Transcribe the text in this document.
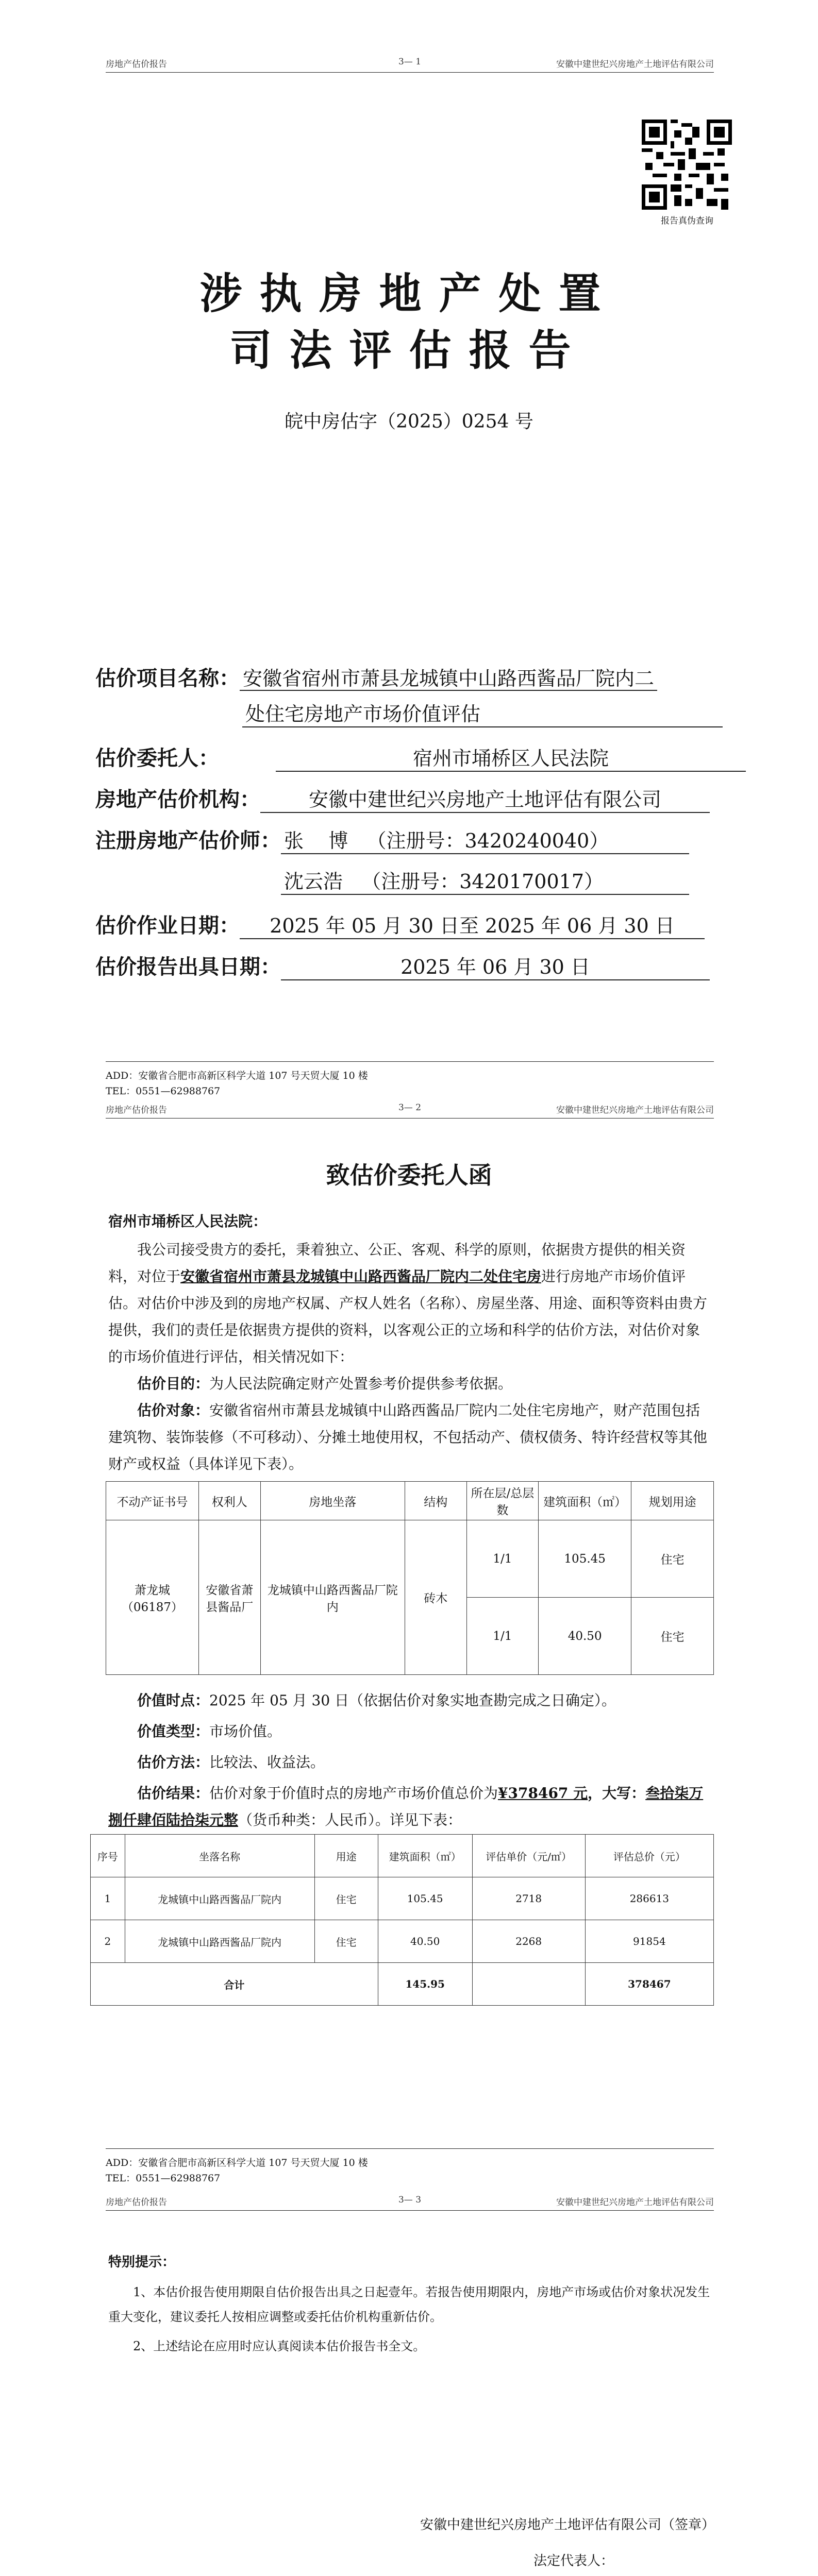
房地产估价报告	3— 1	安徽中建世纪兴房地产土地评估有限公司
报告真伪查询
涉执房地产处置
司法评估报告
皖中房估字（2025）0254 号
估价项目名称： 安徽省宿州市萧县龙城镇中山路西酱品厂院内二
处住宅房地产市场价值评估
估价委托人：	宿州市埇桥区人民法院
房地产估价机构： 安徽中建世纪兴房地产土地评估有限公司
注册房地产估价师： 张    博   （注册号：3420240040）
沈云浩   （注册号：3420170017）
估价作业日期： 2025 年 05 月 30 日至 2025 年 06 月 30 日
估价报告出具日期：	2025 年 06 月 30 日
ADD：安徽省合肥市高新区科学大道 107 号天贸大厦 10 楼
TEL：0551—62988767
房地产估价报告	3— 2	安徽中建世纪兴房地产土地评估有限公司
致估价委托人函
宿州市埇桥区人民法院：
我公司接受贵方的委托，秉着独立、公正、客观、科学的原则，依据贵方提供的相关资料，对位于安徽省宿州市萧县龙城镇中山路西酱品厂院内二处住宅房进行房地产市场价值评估。对估价中涉及到的房地产权属、产权人姓名（名称）、房屋坐落、用途、面积等资料由贵方提供，我们的责任是依据贵方提供的资料，以客观公正的立场和科学的估价方法，对估价对象的市场价值进行评估，相关情况如下：
估价目的：为人民法院确定财产处置参考价提供参考依据。
估价对象：安徽省宿州市萧县龙城镇中山路西酱品厂院内二处住宅房地产，财产范围包括建筑物、装饰装修（不可移动）、分摊土地使用权，不包括动产、债权债务、特许经营权等其他财产或权益（具体详见下表）。
不动产证书号	权利人	房地坐落	结构	所在层/总层数	建筑面积（㎡）	规划用途
萧龙城（06187）	安徽省萧县酱品厂	龙城镇中山路西酱品厂院内	砖木	1/1	105.45	住宅
				1/1	40.50	住宅
价值时点：2025 年 05 月 30 日（依据估价对象实地查勘完成之日确定）。
价值类型：市场价值。
估价方法：比较法、收益法。
估价结果：估价对象于价值时点的房地产市场价值总价为¥378467 元，大写：叁拾柒万捌仟肆佰陆拾柒元整（货币种类：人民币）。详见下表：
序号	坐落名称	用途	建筑面积（㎡）	评估单价（元/㎡）	评估总价（元）
1	龙城镇中山路西酱品厂院内	住宅	105.45	2718	286613
2	龙城镇中山路西酱品厂院内	住宅	40.50	2268	91854
合计			145.95		378467
ADD：安徽省合肥市高新区科学大道 107 号天贸大厦 10 楼
TEL：0551—62988767
房地产估价报告	3— 3	安徽中建世纪兴房地产土地评估有限公司
特别提示：
1、本估价报告使用期限自估价报告出具之日起壹年。若报告使用期限内，房地产市场或估价对象状况发生重大变化，建议委托人按相应调整或委托估价机构重新估价。
2、上述结论在应用时应认真阅读本估价报告书全文。
安徽中建世纪兴房地产土地评估有限公司（签章）
法定代表人：
